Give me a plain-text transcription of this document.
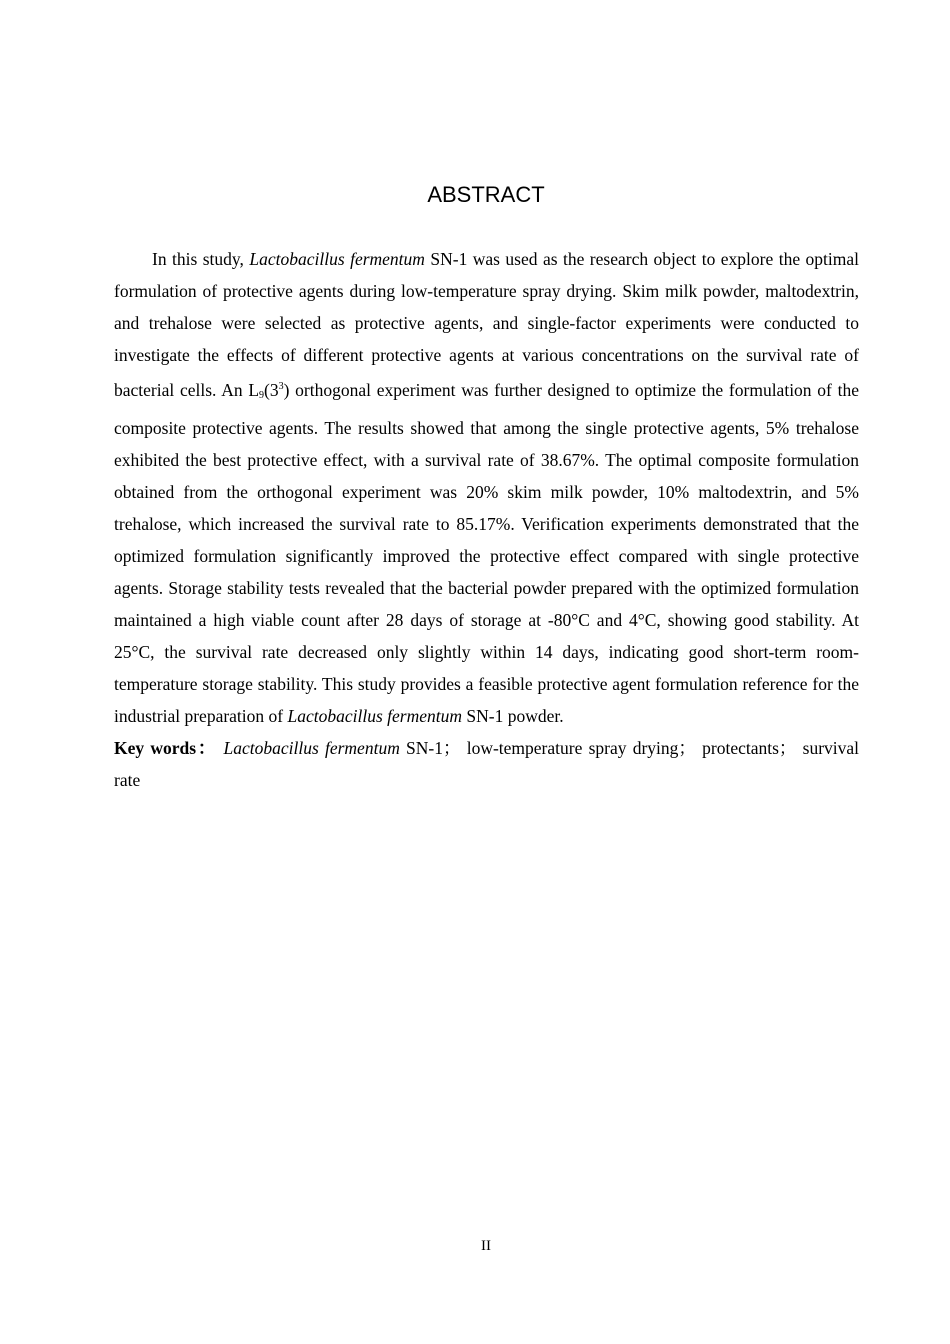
ABSTRACT

In this study, Lactobacillus fermentum SN-1 was used as the research object to explore the optimal formulation of protective agents during low-temperature spray drying. Skim milk powder, maltodextrin, and trehalose were selected as protective agents, and single-factor experiments were conducted to investigate the effects of different protective agents at various concentrations on the survival rate of bacterial cells. An $L_9(3^3)$ orthogonal experiment was further designed to optimize the formulation of the composite protective agents. The results showed that among the single protective agents, 5% trehalose exhibited the best protective effect, with a survival rate of 38.67%. The optimal composite formulation obtained from the orthogonal experiment was 20% skim milk powder, 10% maltodextrin, and 5% trehalose, which increased the survival rate to 85.17%. Verification experiments demonstrated that the optimized formulation significantly improved the protective effect compared with single protective agents. Storage stability tests revealed that the bacterial powder prepared with the optimized formulation maintained a high viable count after 28 days of storage at -80°C and 4°C, showing good stability. At 25°C, the survival rate decreased only slightly within 14 days, indicating good short-term room-temperature storage stability. This study provides a feasible protective agent formulation reference for the industrial preparation of Lactobacillus fermentum SN-1 powder.

Key words： Lactobacillus fermentum SN-1； low-temperature spray drying； protectants； survival rate

II
